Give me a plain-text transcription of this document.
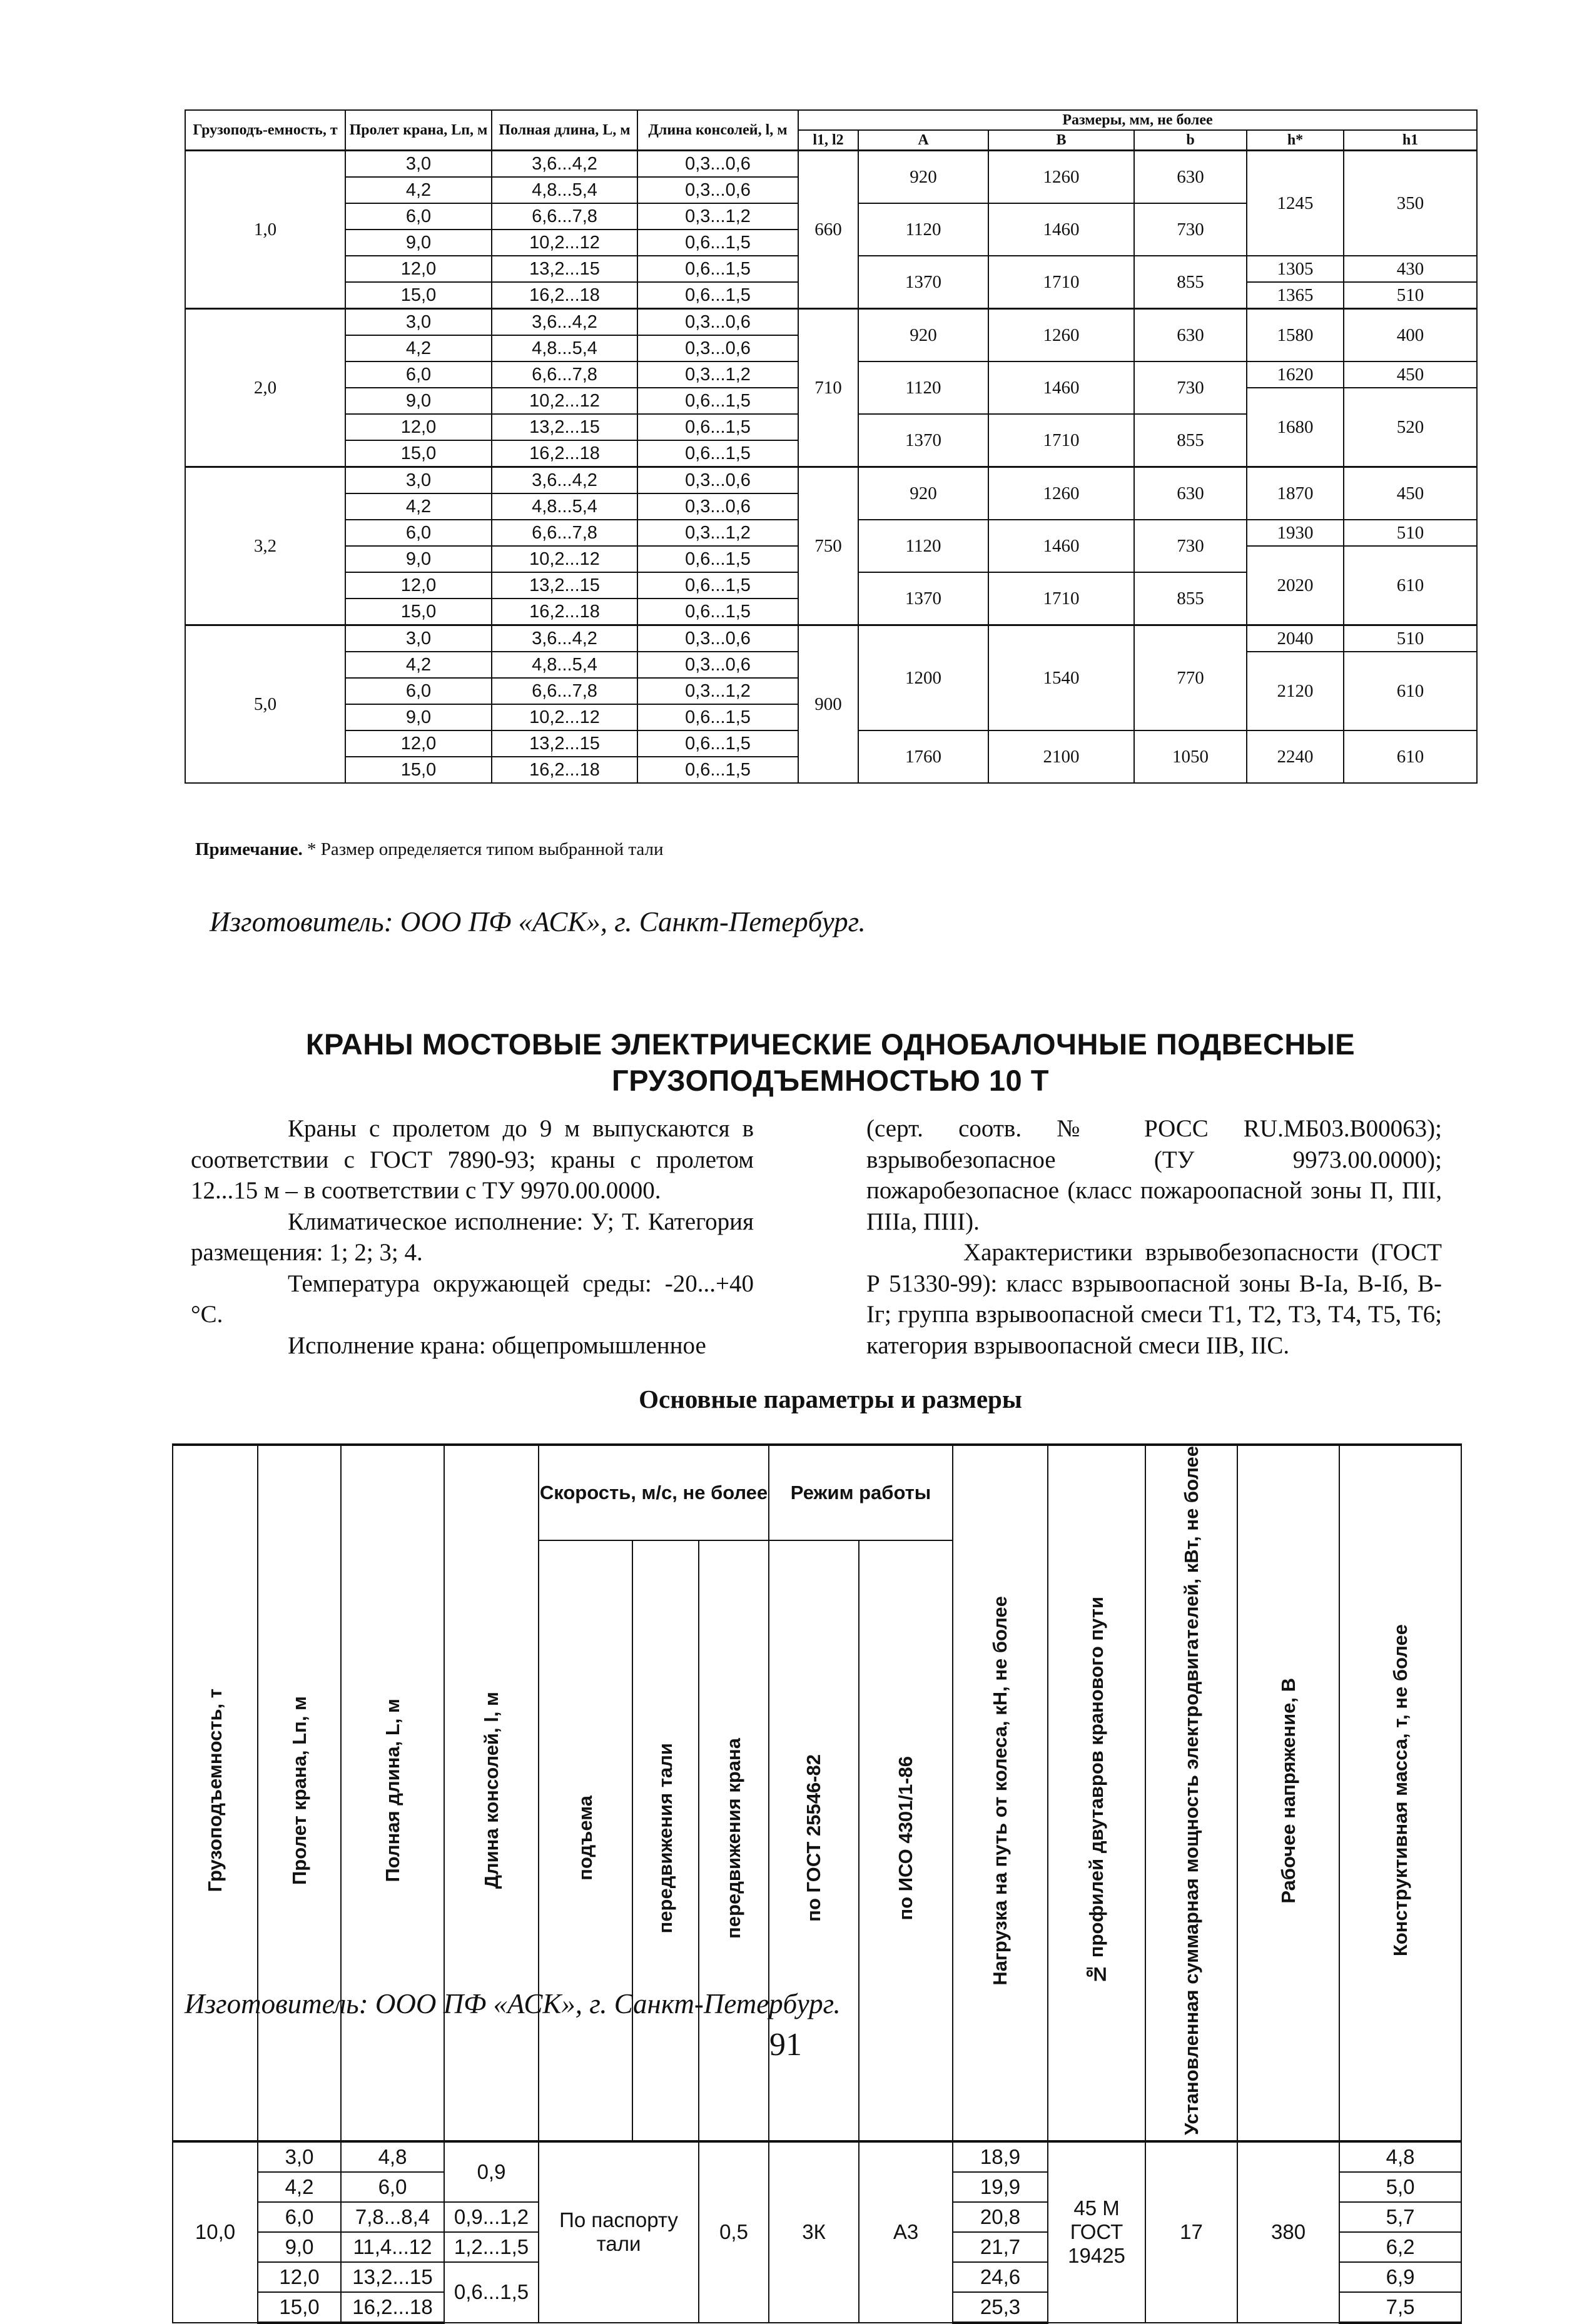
Грузоподъ-емность, т	Пролет крана, Lп, м	Полная длина, L, м	Длина консолей, l, м	Размеры, мм, не более					
				l1, l2	A	B	b	h*	h1
1,0	3,0	3,6...4,2	0,3...0,6	660	920	1260	630	1245	350
	4,2	4,8...5,4	0,3...0,6						
	6,0	6,6...7,8	0,3...1,2		1120	1460	730		
	9,0	10,2...12	0,6...1,5						
	12,0	13,2...15	0,6...1,5		1370	1710	855	1305	430
	15,0	16,2...18	0,6...1,5					1365	510
2,0	3,0	3,6...4,2	0,3...0,6	710	920	1260	630	1580	400
	4,2	4,8...5,4	0,3...0,6						
	6,0	6,6...7,8	0,3...1,2		1120	1460	730	1620	450
	9,0	10,2...12	0,6...1,5					1680	520
	12,0	13,2...15	0,6...1,5		1370	1710	855		
	15,0	16,2...18	0,6...1,5						
3,2	3,0	3,6...4,2	0,3...0,6	750	920	1260	630	1870	450
	4,2	4,8...5,4	0,3...0,6						
	6,0	6,6...7,8	0,3...1,2		1120	1460	730	1930	510
	9,0	10,2...12	0,6...1,5					2020	610
	12,0	13,2...15	0,6...1,5		1370	1710	855		
	15,0	16,2...18	0,6...1,5						
5,0	3,0	3,6...4,2	0,3...0,6	900	1200	1540	770	2040	510
	4,2	4,8...5,4	0,3...0,6					2120	610
	6,0	6,6...7,8	0,3...1,2						
	9,0	10,2...12	0,6...1,5						
	12,0	13,2...15	0,6...1,5		1760	2100	1050	2240	610
	15,0	16,2...18	0,6...1,5						
Примечание. * Размер определяется типом выбранной тали
Изготовитель: ООО ПФ «АСК», г. Санкт-Петербург.
КРАНЫ МОСТОВЫЕ ЭЛЕКТРИЧЕСКИЕ ОДНОБАЛОЧНЫЕ ПОДВЕСНЫЕ
ГРУЗОПОДЪЕМНОСТЬЮ 10 Т

Краны с пролетом до 9 м выпускаются в соответствии с ГОСТ 7890-93; краны с пролетом 12...15 м – в соответствии с ТУ 9970.00.0000.

Климатическое исполнение: У; Т. Категория размещения: 1; 2; 3; 4.

Температура окружающей среды: -20...+40 °С.

Исполнение крана: общепромышленное

(серт. соотв. № РОСС RU.МБ03.В00063); взрывобезопасное (ТУ 9973.00.0000); пожаробезопасное (класс пожароопасной зоны П, ПII, ПIIа, ПIII).

Характеристики взрывобезопасности (ГОСТ Р 51330-99): класс взрывоопасной зоны В-Iа, В-Iб, В-Iг; группа взрывоопасной смеси Т1, Т2, Т3, Т4, Т5, Т6; категория взрывоопасной смеси IIВ, IIС.

Основные параметры и размеры
Грузоподъемность, т	Пролет крана, Lп, м	Полная длина, L, м	Длина консолей, l, м	Скорость, м/с, не более			Режим работы		Нагрузка на путь от колеса, кН, не более	№ профилей двутавров кранового пути	Установленная суммарная мощность электродвигателей, кВт, не более	Рабочее напряжение, В	Конструктивная масса, т, не более
				подъема	передвижения тали	передвижения крана	по ГОСТ 25546-82	по ИСО 4301/1-86					
10,0	3,0	4,8	0,9	По паспорту тали		0,5	3К	А3	18,9	45 М ГОСТ 19425	17	380	4,8
	4,2	6,0							19,9				5,0
	6,0	7,8...8,4	0,9...1,2						20,8				5,7
	9,0	11,4...12	1,2...1,5						21,7				6,2
	12,0	13,2...15	0,6...1,5						24,6				6,9
	15,0	16,2...18							25,3				7,5
Изготовитель: ООО ПФ «АСК», г. Санкт-Петербург.
91
